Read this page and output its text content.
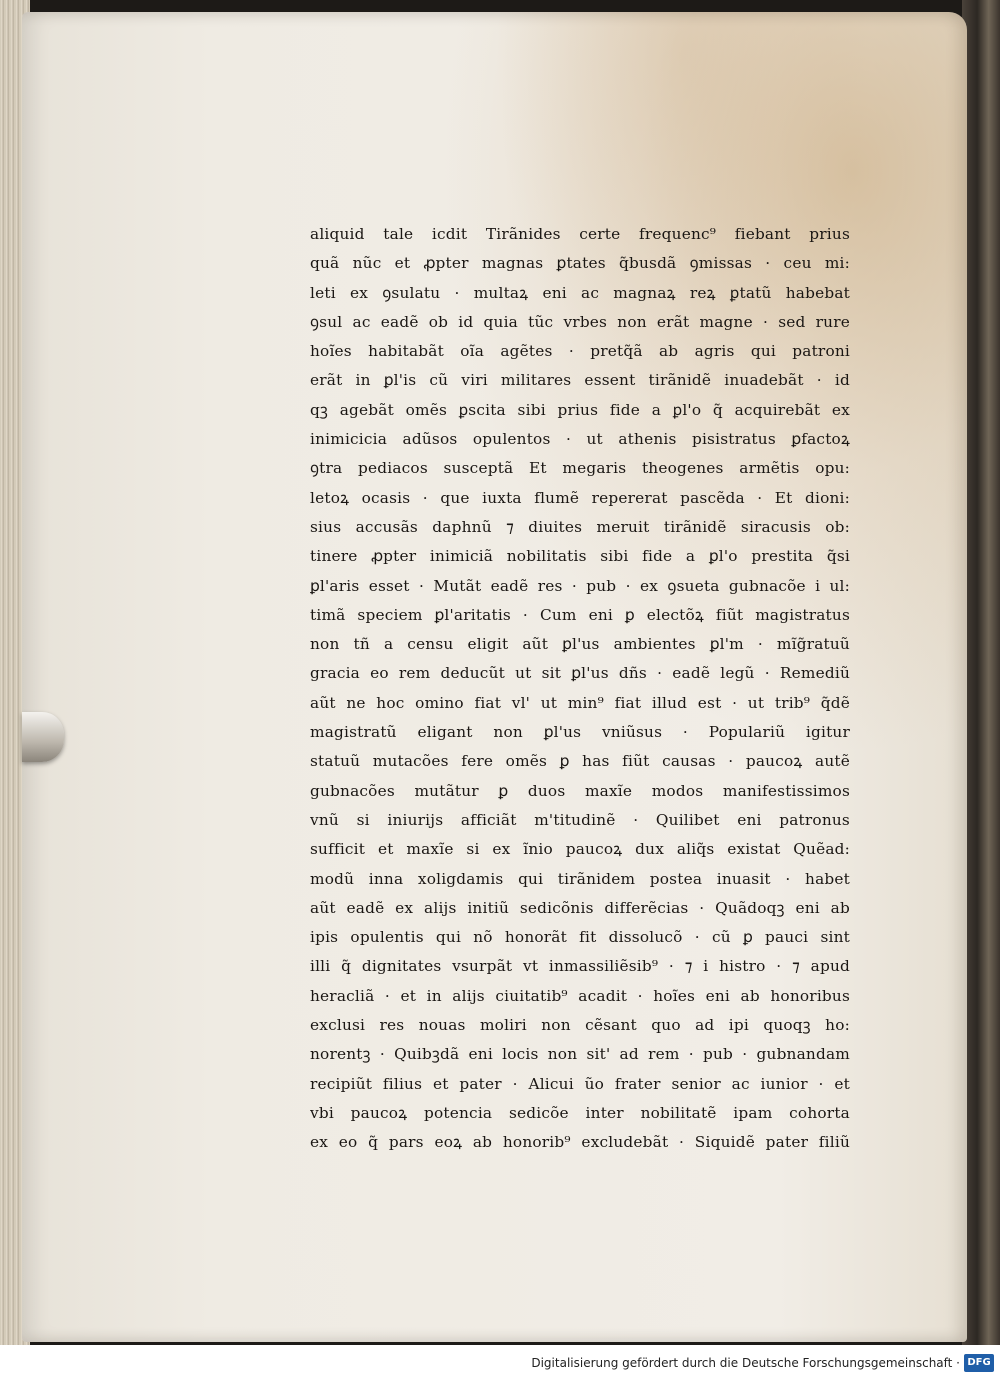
aliquid tale icdit Tirãnides certe frequenc⁹ fiebant prius
quã nũc et ꝓpter magnas ꝑtates q̃busdã ꝯmissas · ceu mi:
leti ex ꝯsulatu · multaꝝ eni ac magnaꝝ reꝝ ꝑtatũ habebat
ꝯsul ac eadẽ ob id quia tũc vrbes non erãt magne · sed rure
hoĩes habitabãt oĩa agẽtes · pretq̃ã ab agris qui patroni
erãt in ꝑl'is cũ viri militares essent tirãnidẽ inuadebãt · id
qꝫ agebãt omẽs ꝑscita sibi prius fide a ꝑl'o q̃ acquirebãt ex
inimicicia adũsos opulentos · ut athenis pisistratus ꝑfactoꝝ
ꝯtra pediacos susceptã Et megaris theogenes armẽtis opu:
letoꝝ ocasis · que iuxta flumẽ repererat pascẽda · Et dioni:
sius accusãs daphnũ ⁊ diuites meruit tirãnidẽ siracusis ob:
tinere ꝓpter inimiciã nobilitatis sibi fide a ꝑl'o prestita q̃si
ꝑl'aris esset · Mutãt eadẽ res · pub · ex ꝯsueta gubnacõe i ul:
timã speciem ꝑl'aritatis · Cum eni ꝑ electõꝝ fiũt magistratus
non tñ a censu eligit aũt ꝑl'us ambientes ꝑl'm · mĩg̃ratuũ
gracia eo rem deducũt ut sit ꝑl'us dñs · eadẽ legũ · Remediũ
aũt ne hoc omino fiat vl' ut min⁹ fiat illud est · ut trib⁹ q̃dẽ
magistratũ eligant non ꝑl'us vniũsus · Populariũ igitur
statuũ mutacões fere omẽs ꝑ has fiũt causas · paucoꝝ autẽ
gubnacões mutãtur ꝑ duos maxĩe modos manifestissimos
vnũ si iniurijs afficiãt m'titudinẽ · Quilibet eni patronus
sufficit et maxĩe si ex ĩnio paucoꝝ dux aliq̃s existat Quẽad:
modũ inna xoligdamis qui tirãnidem postea inuasit · habet
aũt eadẽ ex alijs initiũ sedicõnis differẽcias · Quãdoqꝫ eni ab
ipis opulentis qui nõ honorãt fit dissolucõ · cũ ꝑ pauci sint
illi q̃ dignitates vsurpãt vt inmassiliẽsib⁹ · ⁊ i histro · ⁊ apud
heracliã · et in alijs ciuitatib⁹ acadit · hoĩes eni ab honoribus
exclusi res nouas moliri non cẽsant quo ad ipi quoqꝫ ho:
norentꝫ · Quibꝫdã eni locis non sit' ad rem · pub · gubnandam
recipiũt filius et pater · Alicui ũo frater senior ac iunior · et
vbi paucoꝝ potencia sedicõe inter nobilitatẽ ipam cohorta
ex eo q̃ pars eoꝝ ab honorib⁹ excludebãt · Siquidẽ pater filiũ
Digitalisierung gefördert durch die Deutsche Forschungsgemeinschaft · DFG
